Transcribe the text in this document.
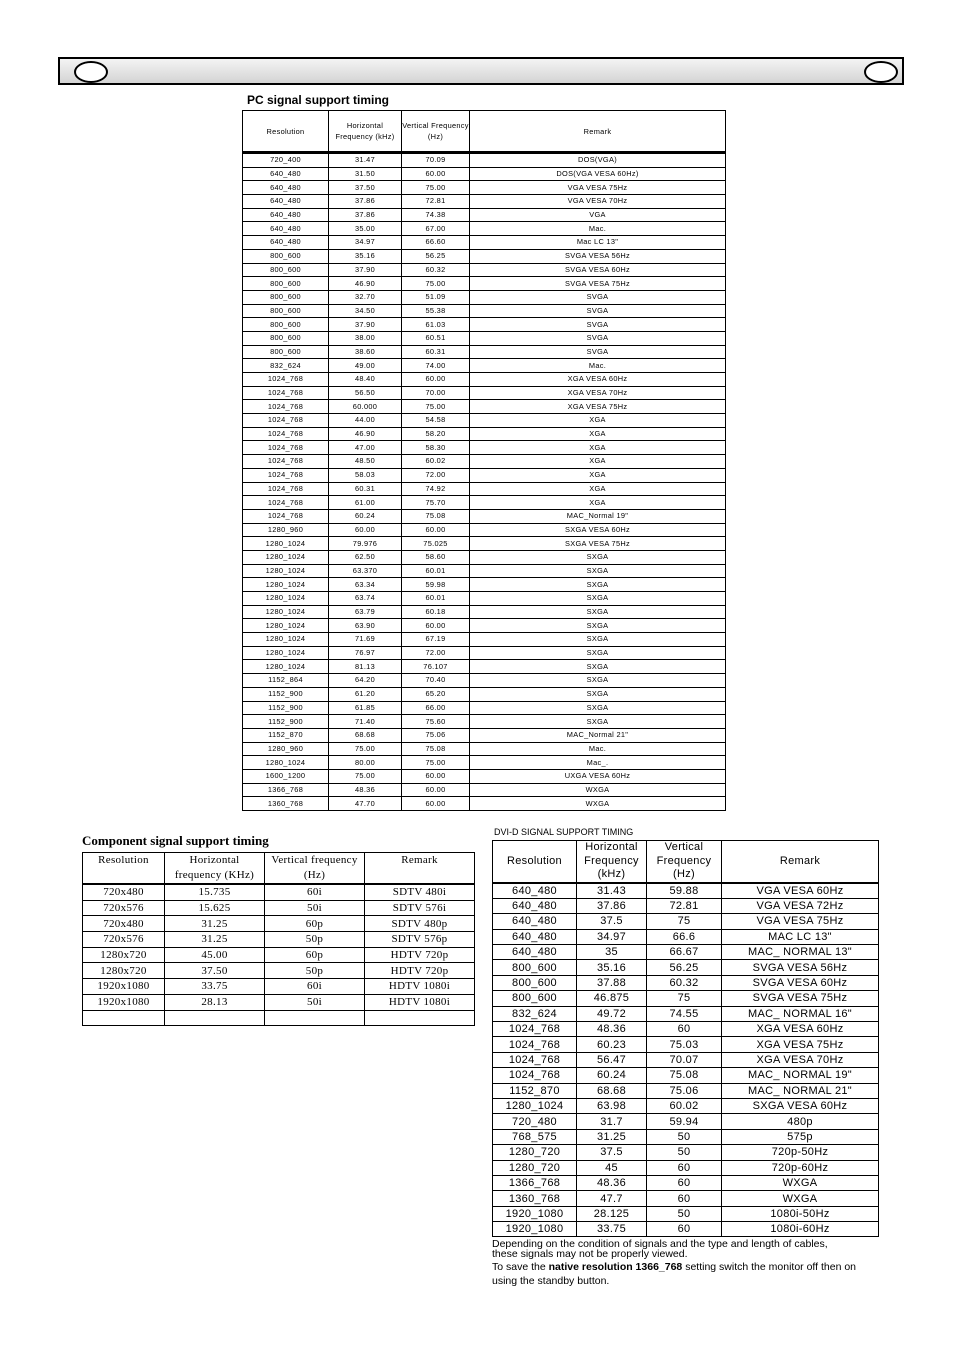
PC signal support timing
Resolution	Horizontal Frequency (kHz)	Vertical Frequency (Hz)	Remark
720_400	31.47	70.09	DOS(VGA)
640_480	31.50	60.00	DOS(VGA VESA 60Hz)
640_480	37.50	75.00	VGA VESA 75Hz
640_480	37.86	72.81	VGA VESA 70Hz
640_480	37.86	74.38	VGA
640_480	35.00	67.00	Mac.
640_480	34.97	66.60	Mac LC 13"
800_600	35.16	56.25	SVGA VESA 56Hz
800_600	37.90	60.32	SVGA VESA 60Hz
800_600	46.90	75.00	SVGA VESA 75Hz
800_600	32.70	51.09	SVGA
800_600	34.50	55.38	SVGA
800_600	37.90	61.03	SVGA
800_600	38.00	60.51	SVGA
800_600	38.60	60.31	SVGA
832_624	49.00	74.00	Mac.
1024_768	48.40	60.00	XGA VESA 60Hz
1024_768	56.50	70.00	XGA VESA 70Hz
1024_768	60.000	75.00	XGA VESA 75Hz
1024_768	44.00	54.58	XGA
1024_768	46.90	58.20	XGA
1024_768	47.00	58.30	XGA
1024_768	48.50	60.02	XGA
1024_768	58.03	72.00	XGA
1024_768	60.31	74.92	XGA
1024_768	61.00	75.70	XGA
1024_768	60.24	75.08	MAC_Normal 19"
1280_960	60.00	60.00	SXGA VESA 60Hz
1280_1024	79.976	75.025	SXGA VESA 75Hz
1280_1024	62.50	58.60	SXGA
1280_1024	63.370	60.01	SXGA
1280_1024	63.34	59.98	SXGA
1280_1024	63.74	60.01	SXGA
1280_1024	63.79	60.18	SXGA
1280_1024	63.90	60.00	SXGA
1280_1024	71.69	67.19	SXGA
1280_1024	76.97	72.00	SXGA
1280_1024	81.13	76.107	SXGA
1152_864	64.20	70.40	SXGA
1152_900	61.20	65.20	SXGA
1152_900	61.85	66.00	SXGA
1152_900	71.40	75.60	SXGA
1152_870	68.68	75.06	MAC_Normal 21"
1280_960	75.00	75.08	Mac.
1280_1024	80.00	75.00	Mac_.
1600_1200	75.00	60.00	UXGA VESA 60Hz
1366_768	48.36	60.00	WXGA
1360_768	47.70	60.00	WXGA
Component signal support timing
Resolution	Horizontal frequency (KHz)	Vertical frequency (Hz)	Remark
720x480	15.735	60i	SDTV 480i
720x576	15.625	50i	SDTV 576i
720x480	31.25	60p	SDTV 480p
720x576	31.25	50p	SDTV 576p
1280x720	45.00	60p	HDTV 720p
1280x720	37.50	50p	HDTV 720p
1920x1080	33.75	60i	HDTV 1080i
1920x1080	28.13	50i	HDTV 1080i

DVI-D SIGNAL SUPPORT TIMING
Resolution	Horizontal Frequency (kHz)	Vertical Frequency (Hz)	Remark
640_480	31.43	59.88	VGA VESA 60Hz
640_480	37.86	72.81	VGA VESA 72Hz
640_480	37.5	75	VGA VESA 75Hz
640_480	34.97	66.6	MAC LC 13"
640_480	35	66.67	MAC_ NORMAL 13"
800_600	35.16	56.25	SVGA VESA 56Hz
800_600	37.88	60.32	SVGA VESA 60Hz
800_600	46.875	75	SVGA VESA 75Hz
832_624	49.72	74.55	MAC_ NORMAL 16"
1024_768	48.36	60	XGA VESA 60Hz
1024_768	60.23	75.03	XGA VESA 75Hz
1024_768	56.47	70.07	XGA VESA 70Hz
1024_768	60.24	75.08	MAC_ NORMAL 19"
1152_870	68.68	75.06	MAC_ NORMAL 21"
1280_1024	63.98	60.02	SXGA VESA 60Hz
720_480	31.7	59.94	480p
768_575	31.25	50	575p
1280_720	37.5	50	720p-50Hz
1280_720	45	60	720p-60Hz
1366_768	48.36	60	WXGA
1360_768	47.7	60	WXGA
1920_1080	28.125	50	1080i-50Hz
1920_1080	33.75	60	1080i-60Hz
Depending on the condition of signals and the type and length of cables,
these signals may not be properly viewed.
To save the native resolution 1366_768 setting switch the monitor off then on
using the standby button.
